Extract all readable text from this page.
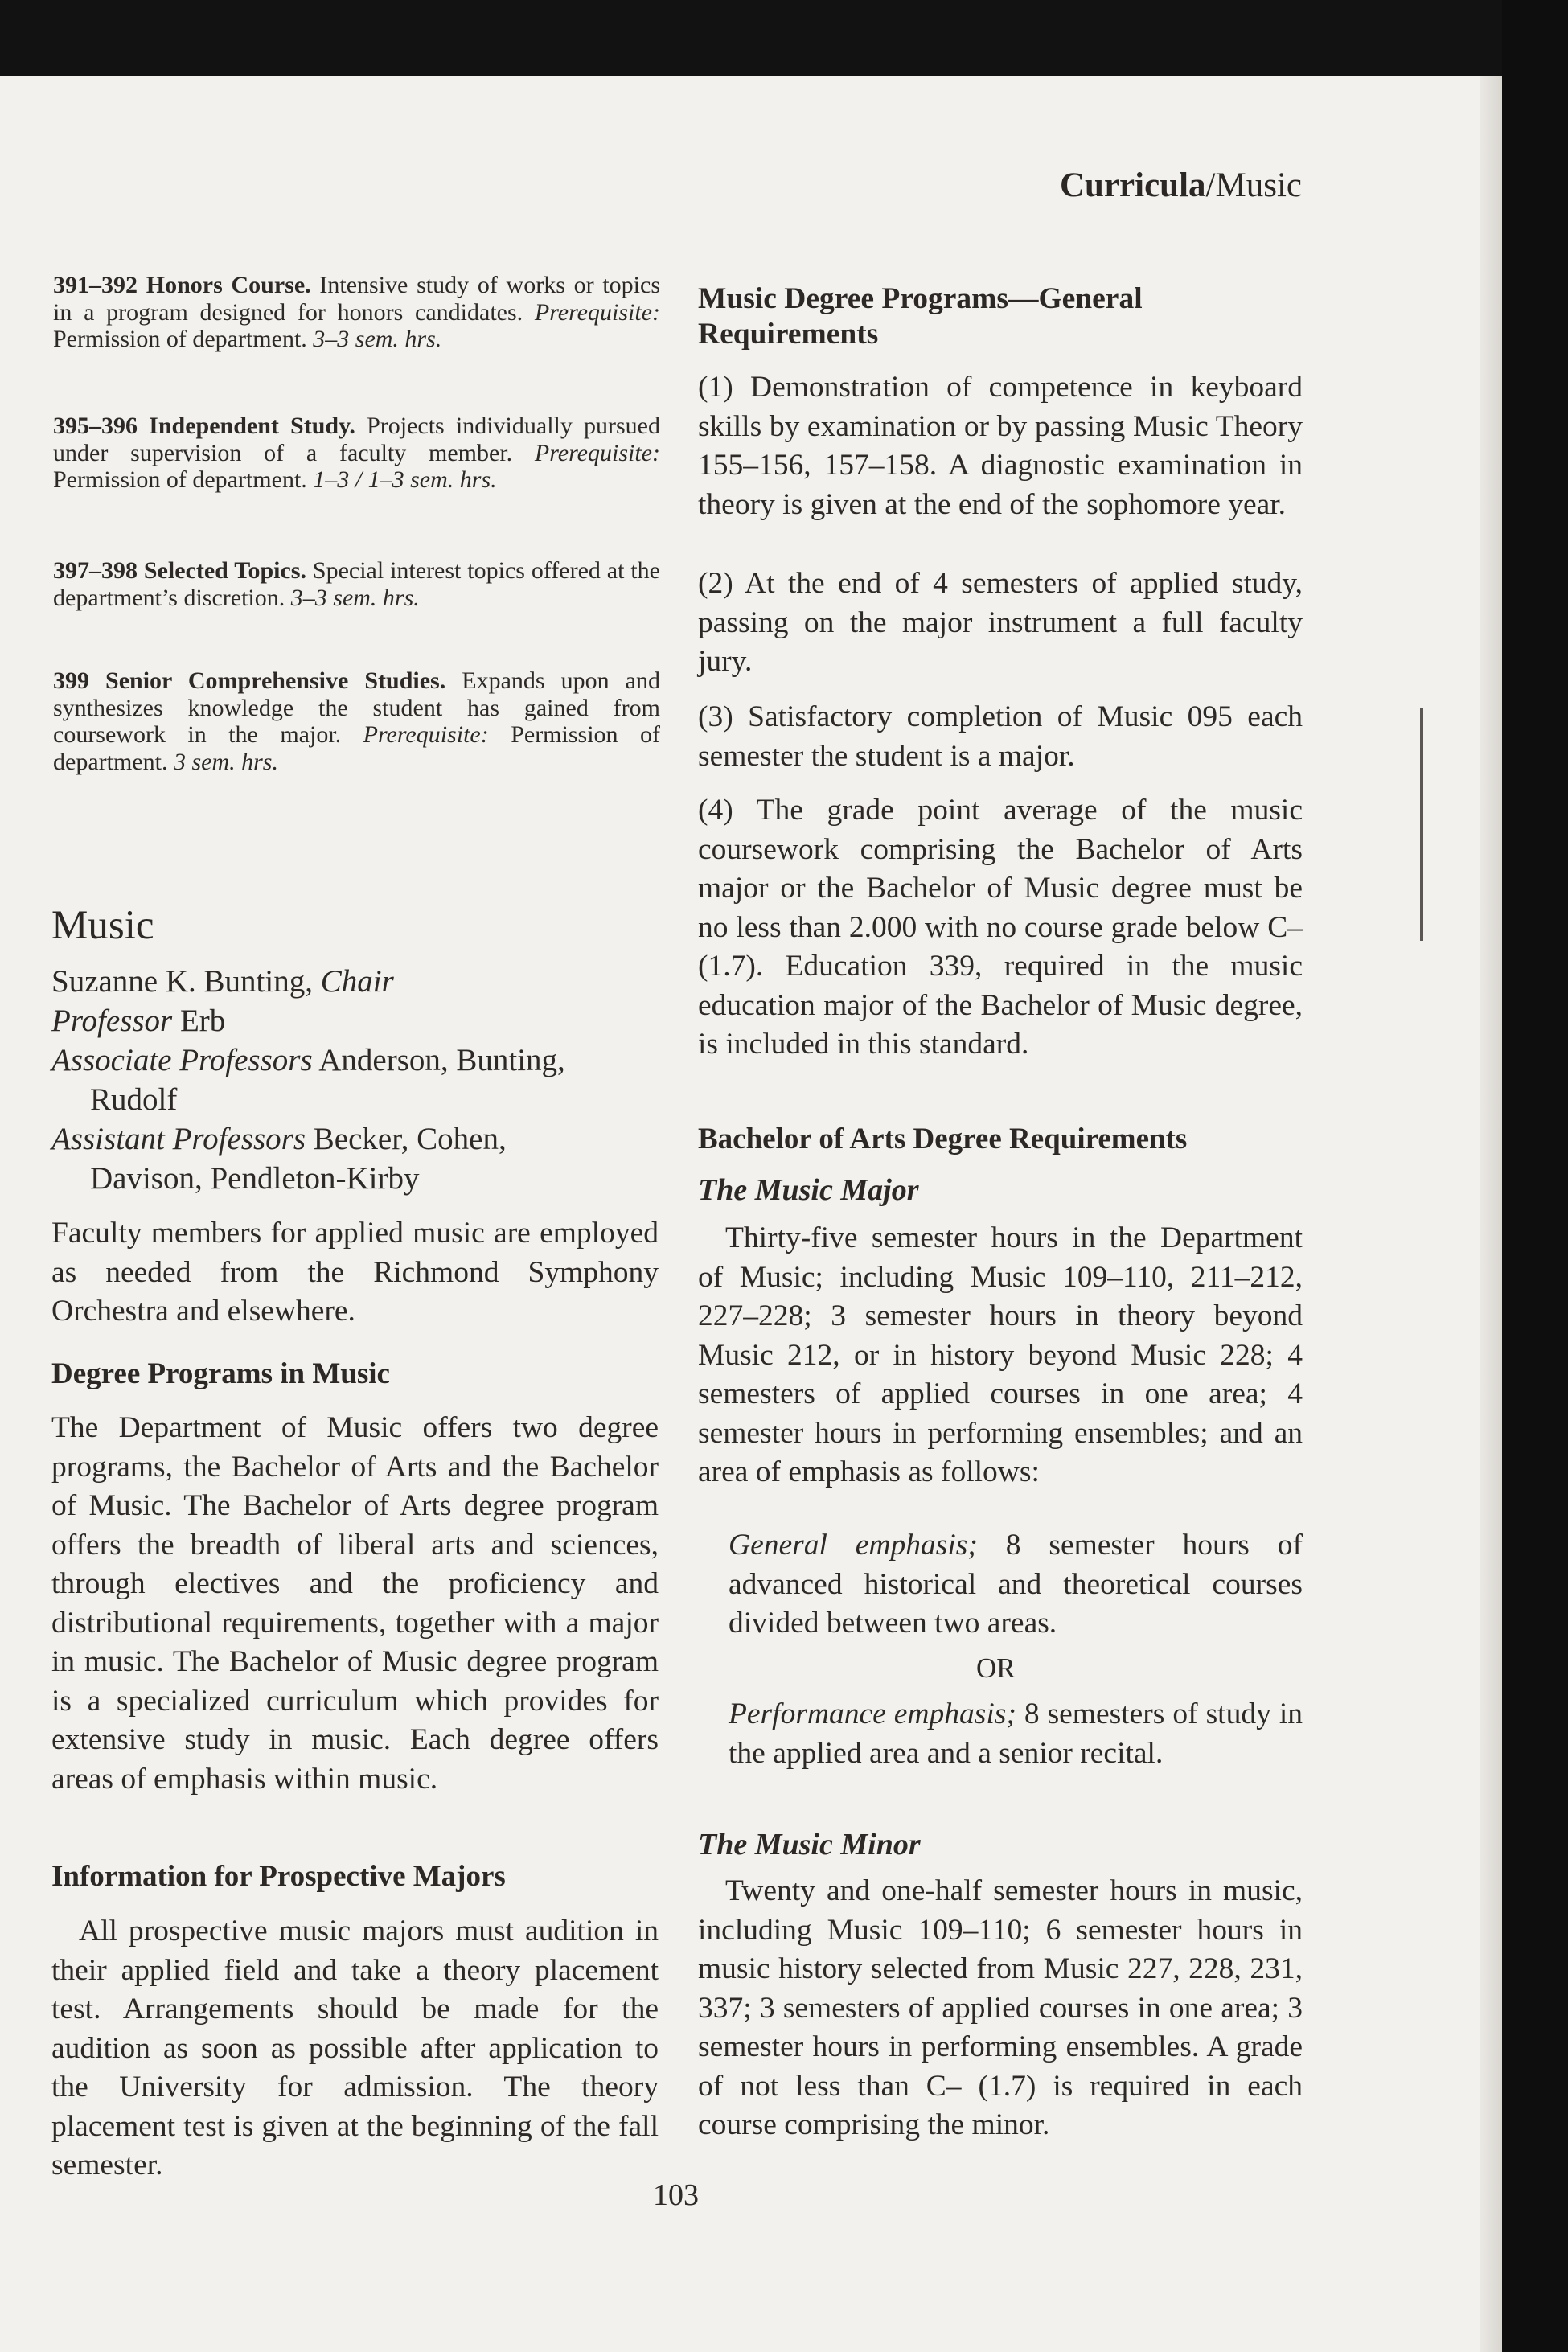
Curricula/Music
391–392 Honors Course. Intensive study of works or topics in a program designed for honors candidates. Prerequisite: Permission of department. 3–3 sem. hrs.
395–396 Independent Study. Projects individually pursued under supervision of a faculty member. Prerequisite: Permission of department. 1–3 / 1–3 sem. hrs.
397–398 Selected Topics. Special interest topics offered at the department’s discretion. 3–3 sem. hrs.
399 Senior Comprehensive Studies. Expands upon and synthesizes knowledge the student has gained from coursework in the major. Prerequisite: Permission of department. 3 sem. hrs.
Music
Suzanne K. Bunting, Chair
Professor Erb
Associate Professors Anderson, Bunting,
Rudolf
Assistant Professors Becker, Cohen,
Davison, Pendleton-Kirby
Faculty members for applied music are employed as needed from the Richmond Symphony Orchestra and elsewhere.
Degree Programs in Music
The Department of Music offers two degree programs, the Bachelor of Arts and the Bachelor of Music. The Bachelor of Arts degree program offers the breadth of liberal arts and sciences, through electives and the proficiency and distributional requirements, together with a major in music. The Bachelor of Music degree program is a specialized curriculum which provides for extensive study in music. Each degree offers areas of emphasis within music.
Information for Prospective Majors
All prospective music majors must audition in their applied field and take a theory placement test. Arrangements should be made for the audition as soon as possible after application to the University for admission. The theory placement test is given at the beginning of the fall semester.
Music Degree Programs—General
Requirements
(1) Demonstration of competence in keyboard skills by examination or by passing Music Theory 155–156, 157–158. A diagnostic examination in theory is given at the end of the sophomore year.
(2) At the end of 4 semesters of applied study, passing on the major instrument a full faculty jury.
(3) Satisfactory completion of Music 095 each semester the student is a major.
(4) The grade point average of the music coursework comprising the Bachelor of Arts major or the Bachelor of Music degree must be no less than 2.000 with no course grade below C– (1.7). Education 339, required in the music education major of the Bachelor of Music degree, is included in this standard.
Bachelor of Arts Degree Requirements
The Music Major
Thirty-five semester hours in the Department of Music; including Music 109–110, 211–212, 227–228; 3 semester hours in theory beyond Music 212, or in history beyond Music 228; 4 semesters of applied courses in one area; 4 semester hours in performing ensembles; and an area of emphasis as follows:
General emphasis; 8 semester hours of advanced historical and theoretical courses divided between two areas.
OR
Performance emphasis; 8 semesters of study in the applied area and a senior recital.
The Music Minor
Twenty and one-half semester hours in music, including Music 109–110; 6 semester hours in music history selected from Music 227, 228, 231, 337; 3 semesters of applied courses in one area; 3 semester hours in performing ensembles. A grade of not less than C– (1.7) is required in each course comprising the minor.
103
